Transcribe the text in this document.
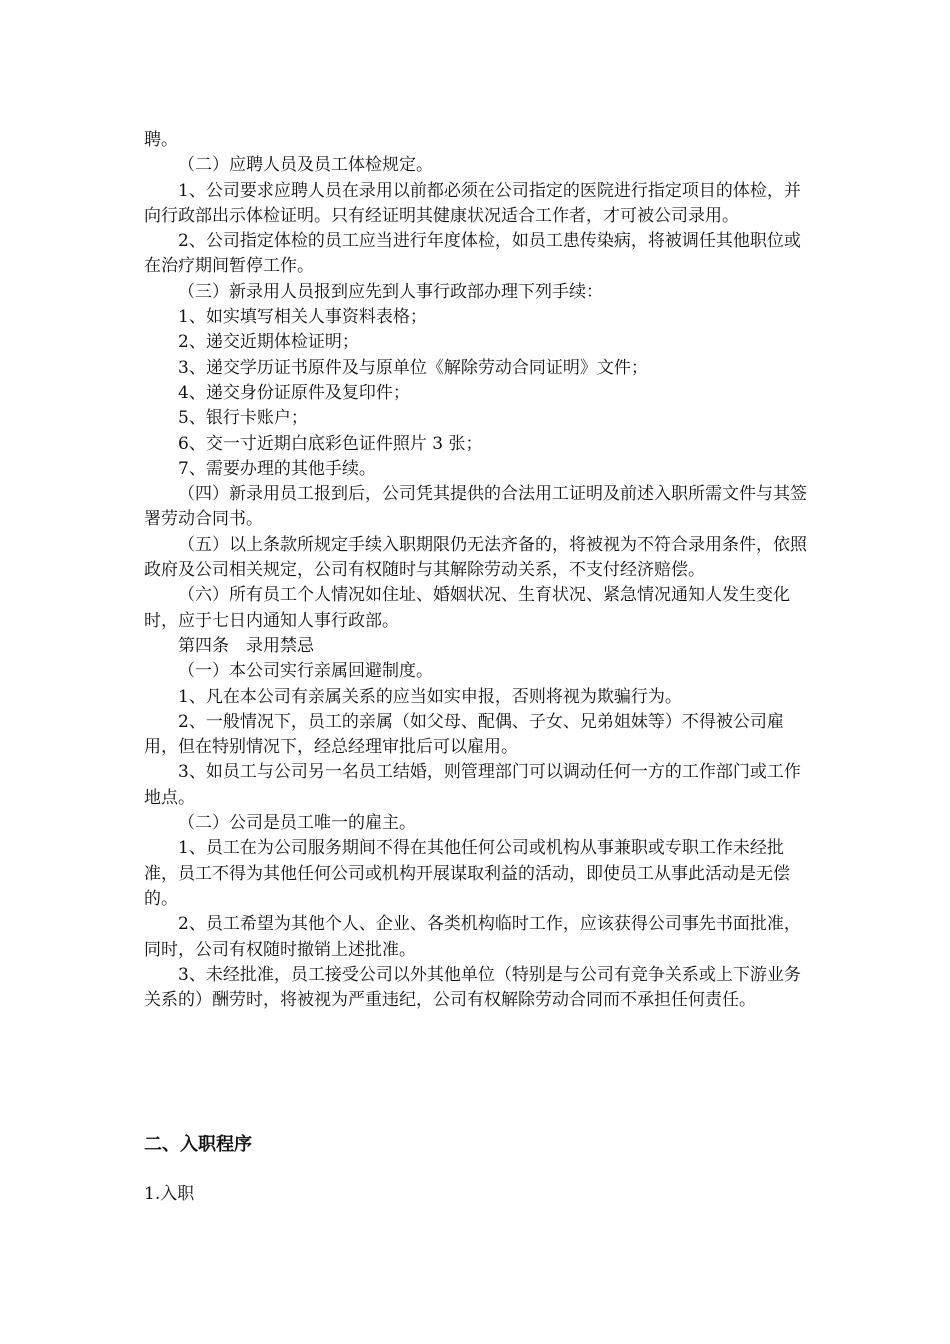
聘。

（二）应聘人员及员工体检规定。

1、公司要求应聘人员在录用以前都必须在公司指定的医院进行指定项目的体检，并向行政部出示体检证明。只有经证明其健康状况适合工作者，才可被公司录用。

2、公司指定体检的员工应当进行年度体检，如员工患传染病，将被调任其他职位或在治疗期间暂停工作。

（三）新录用人员报到应先到人事行政部办理下列手续：

1、如实填写相关人事资料表格；

2、递交近期体检证明；

3、递交学历证书原件及与原单位《解除劳动合同证明》文件；

4、递交身份证原件及复印件；

5、银行卡账户；

6、交一寸近期白底彩色证件照片 3 张；

7、需要办理的其他手续。

（四）新录用员工报到后，公司凭其提供的合法用工证明及前述入职所需文件与其签署劳动合同书。

（五）以上条款所规定手续入职期限仍无法齐备的，将被视为不符合录用条件，依照政府及公司相关规定，公司有权随时与其解除劳动关系，不支付经济赔偿。

（六）所有员工个人情况如住址、婚姻状况、生育状况、紧急情况通知人发生变化时，应于七日内通知人事行政部。

第四条　录用禁忌

（一）本公司实行亲属回避制度。

1、凡在本公司有亲属关系的应当如实申报，否则将视为欺骗行为。

2、一般情况下，员工的亲属（如父母、配偶、子女、兄弟姐妹等）不得被公司雇用，但在特别情况下，经总经理审批后可以雇用。

3、如员工与公司另一名员工结婚，则管理部门可以调动任何一方的工作部门或工作地点。

（二）公司是员工唯一的雇主。

1、员工在为公司服务期间不得在其他任何公司或机构从事兼职或专职工作未经批准，员工不得为其他任何公司或机构开展谋取利益的活动，即使员工从事此活动是无偿的。

2、员工希望为其他个人、企业、各类机构临时工作，应该获得公司事先书面批准，同时，公司有权随时撤销上述批准。

3、未经批准，员工接受公司以外其他单位（特别是与公司有竞争关系或上下游业务关系的）酬劳时，将被视为严重违纪，公司有权解除劳动合同而不承担任何责任。

二、入职程序

1.入职
